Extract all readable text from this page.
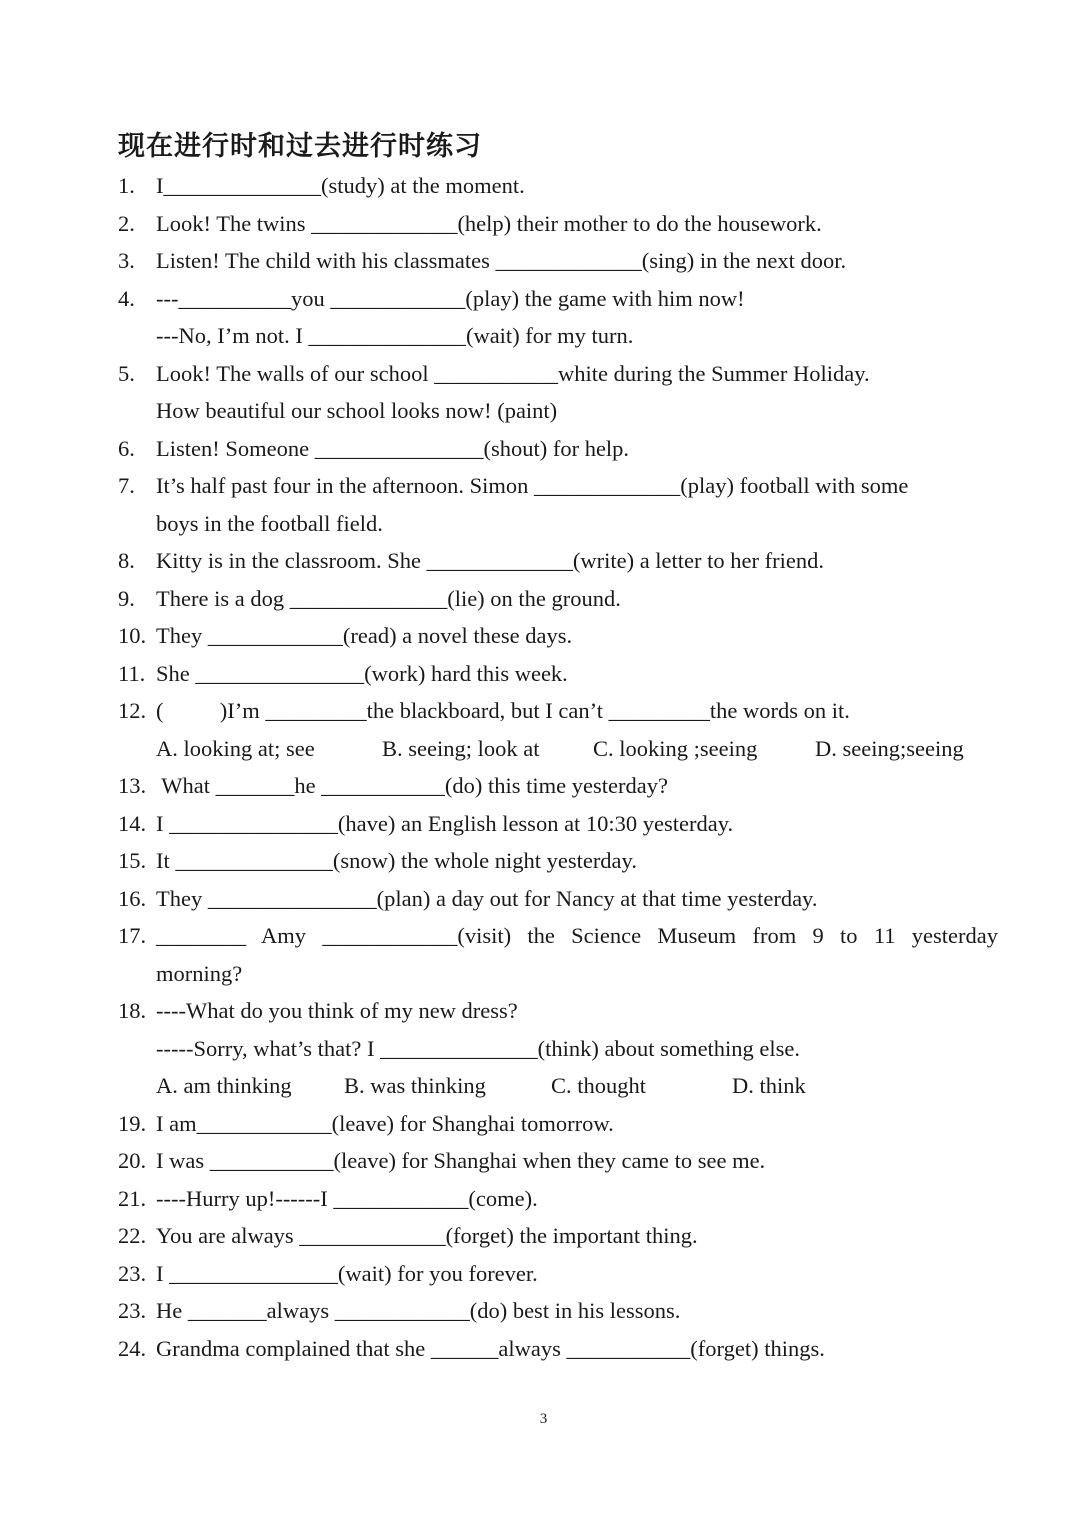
现在进行时和过去进行时练习
1. I______________(study) at the moment.
2. Look! The twins _____________(help) their mother to do the housework.
3. Listen! The child with his classmates _____________(sing) in the next door.
4. ---__________you ____________(play) the game with him now!
---No, I’m not. I ______________(wait) for my turn.
5. Look! The walls of our school ___________white during the Summer Holiday.
How beautiful our school looks now! (paint)
6. Listen! Someone _______________(shout) for help.
7. It’s half past four in the afternoon. Simon _____________(play) football with some
boys in the football field.
8. Kitty is in the classroom. She _____________(write) a letter to her friend.
9. There is a dog ______________(lie) on the ground.
10. They ____________(read) a novel these days.
11. She _______________(work) hard this week.
12. (          )I’m _________the blackboard, but I can’t _________the words on it.
A. looking at; see	B. seeing; look at C. looking ;seeing	D. seeing;seeing
13. What _______he ___________(do) this time yesterday?
14. I _______________(have) an English lesson at 10:30 yesterday.
15. It ______________(snow) the whole night yesterday.
16. They _______________(plan) a day out for Nancy at that time yesterday.
17. ________ Amy ____________(visit) the Science Museum from 9 to 11 yesterday
morning?
18. ----What do you think of my new dress?
-----Sorry, what’s that? I ______________(think) about something else.
A. am thinking B. was thinking	C. thought	D. think
19. I am____________(leave) for Shanghai tomorrow.
20. I was ___________(leave) for Shanghai when they came to see me.
21. ----Hurry up!------I ____________(come).
22. You are always _____________(forget) the important thing.
23. I _______________(wait) for you forever.
23. He _______always ____________(do) best in his lessons.
24. Grandma complained that she ______always ___________(forget) things.
3
